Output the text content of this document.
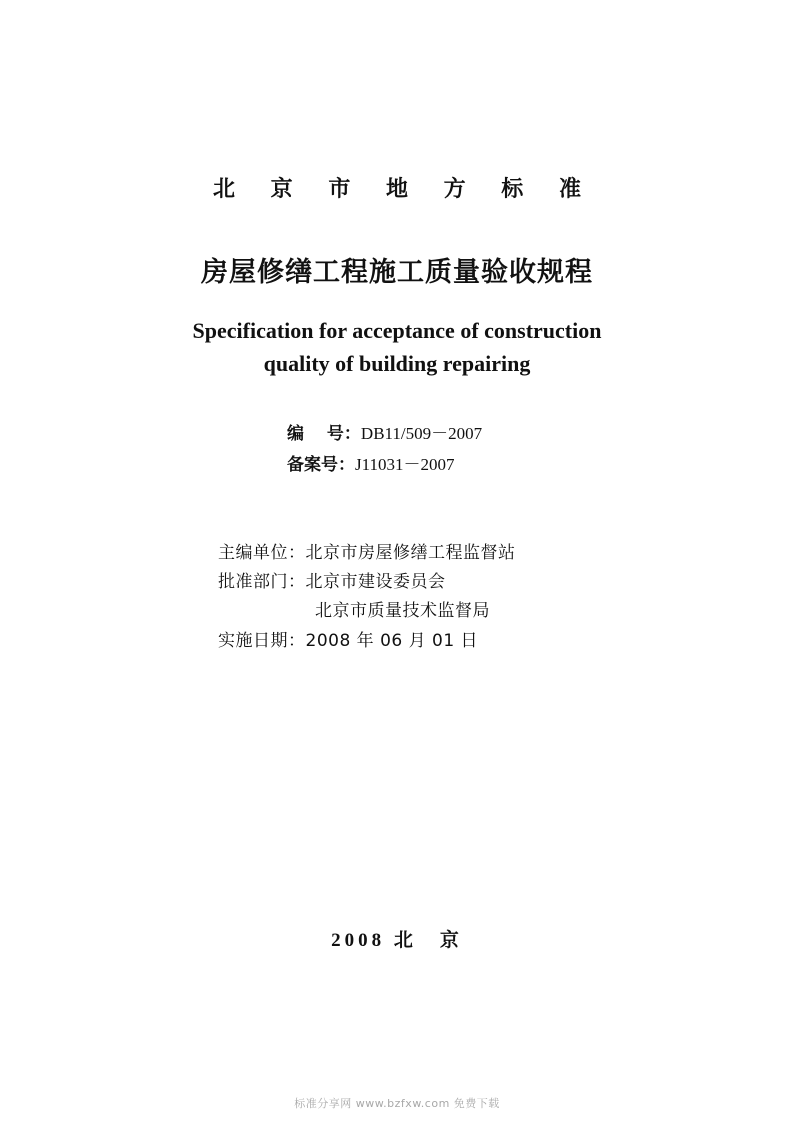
北 京 市 地 方 标 准
房屋修缮工程施工质量验收规程
Specification for acceptance of construction
quality of building repairing
编　 号：DB11/509－2007
备案号：J11031－2007
主编单位：北京市房屋修缮工程监督站
批准部门：北京市建设委员会
北京市质量技术监督局
实施日期：2008 年 06 月 01 日
2008 北　京
标准分享网 www.bzfxw.com 免费下载
